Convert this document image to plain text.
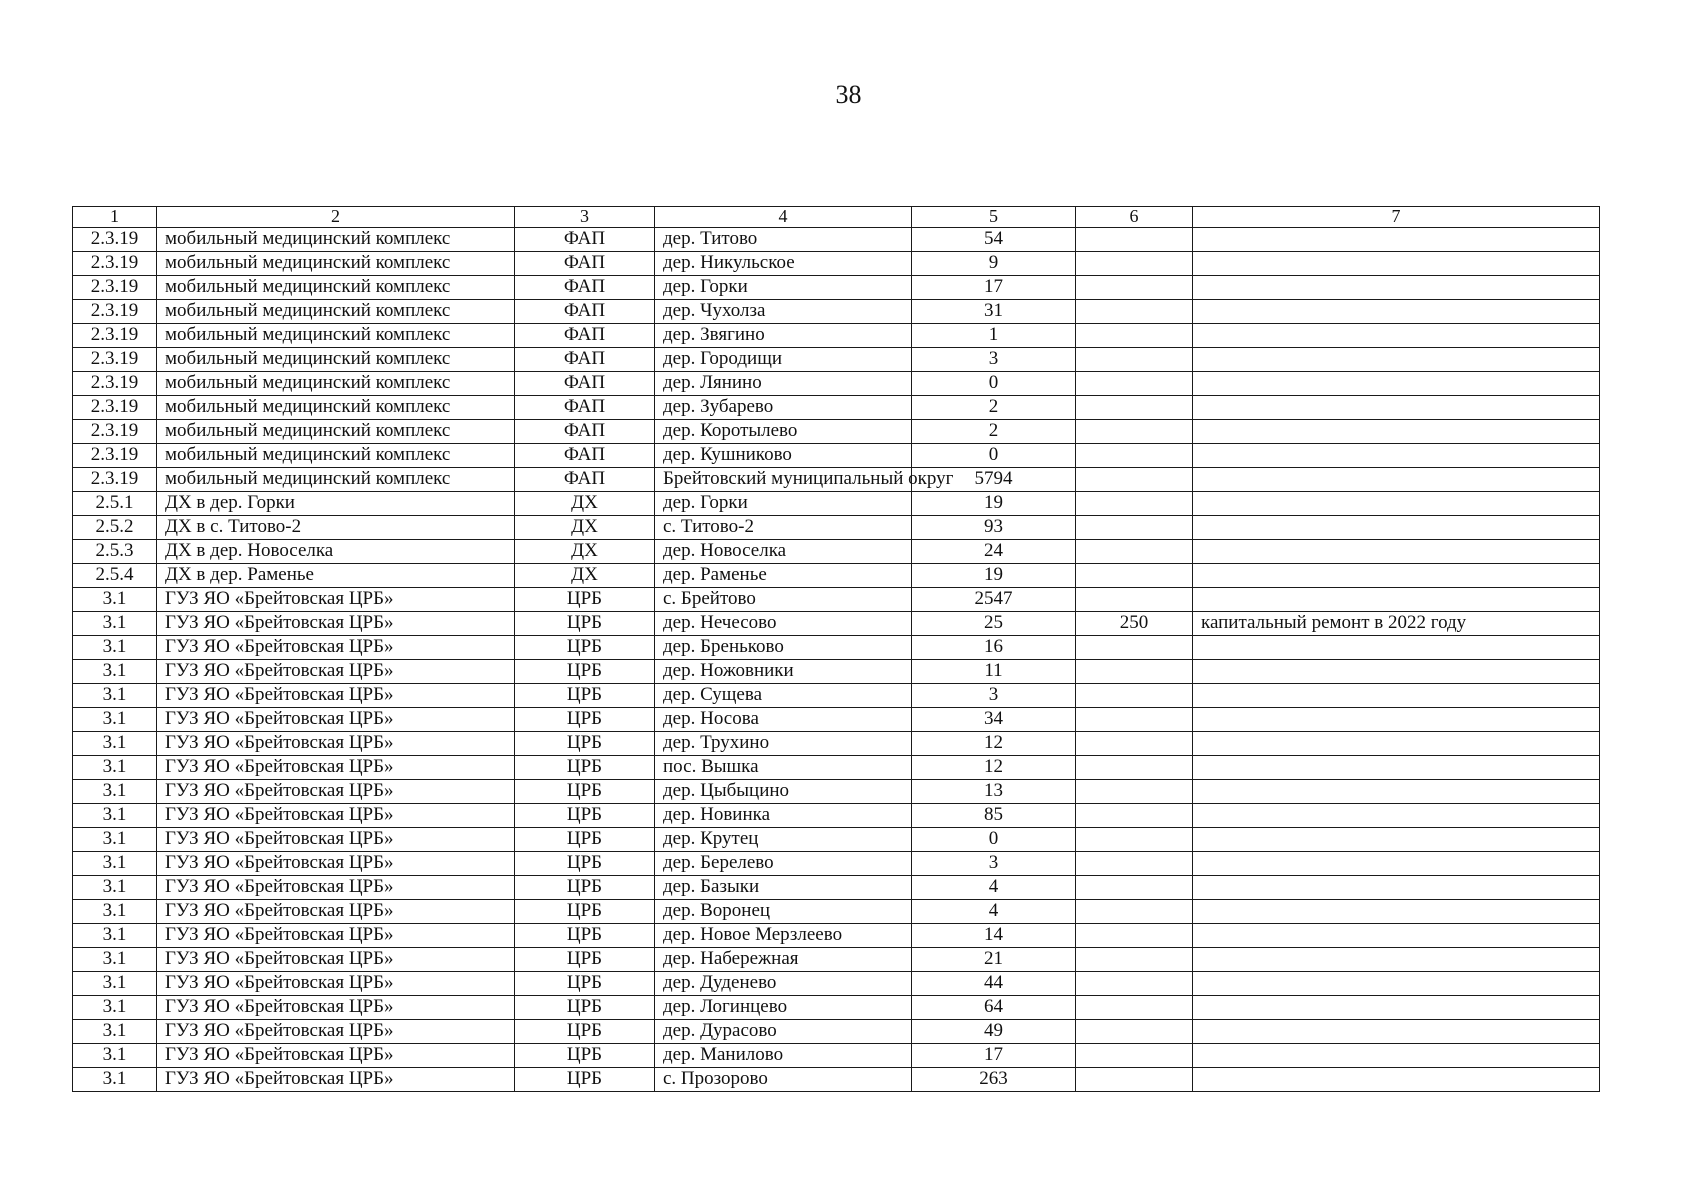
38
1	2	3	4	5	6	7
2.3.19	мобильный медицинский комплекс	ФАП	дер. Титово	54		
2.3.19	мобильный медицинский комплекс	ФАП	дер. Никульское	9		
2.3.19	мобильный медицинский комплекс	ФАП	дер. Горки	17		
2.3.19	мобильный медицинский комплекс	ФАП	дер. Чухолза	31		
2.3.19	мобильный медицинский комплекс	ФАП	дер. Звягино	1		
2.3.19	мобильный медицинский комплекс	ФАП	дер. Городищи	3		
2.3.19	мобильный медицинский комплекс	ФАП	дер. Лянино	0		
2.3.19	мобильный медицинский комплекс	ФАП	дер. Зубарево	2		
2.3.19	мобильный медицинский комплекс	ФАП	дер. Коротылево	2		
2.3.19	мобильный медицинский комплекс	ФАП	дер. Кушниково	0		
2.3.19	мобильный медицинский комплекс	ФАП	Брейтовский муниципальный округ	5794		
2.5.1	ДХ в дер. Горки	ДХ	дер. Горки	19		
2.5.2	ДХ в с. Титово-2	ДХ	с. Титово-2	93		
2.5.3	ДХ в дер. Новоселка	ДХ	дер. Новоселка	24		
2.5.4	ДХ в дер. Раменье	ДХ	дер. Раменье	19		
3.1	ГУЗ ЯО «Брейтовская ЦРБ»	ЦРБ	с. Брейтово	2547		
3.1	ГУЗ ЯО «Брейтовская ЦРБ»	ЦРБ	дер. Нечесово	25	250	капитальный ремонт в 2022 году
3.1	ГУЗ ЯО «Брейтовская ЦРБ»	ЦРБ	дер. Бреньково	16		
3.1	ГУЗ ЯО «Брейтовская ЦРБ»	ЦРБ	дер. Ножовники	11		
3.1	ГУЗ ЯО «Брейтовская ЦРБ»	ЦРБ	дер. Сущева	3		
3.1	ГУЗ ЯО «Брейтовская ЦРБ»	ЦРБ	дер. Носова	34		
3.1	ГУЗ ЯО «Брейтовская ЦРБ»	ЦРБ	дер. Трухино	12		
3.1	ГУЗ ЯО «Брейтовская ЦРБ»	ЦРБ	пос. Вышка	12		
3.1	ГУЗ ЯО «Брейтовская ЦРБ»	ЦРБ	дер. Цыбыцино	13		
3.1	ГУЗ ЯО «Брейтовская ЦРБ»	ЦРБ	дер. Новинка	85		
3.1	ГУЗ ЯО «Брейтовская ЦРБ»	ЦРБ	дер. Крутец	0		
3.1	ГУЗ ЯО «Брейтовская ЦРБ»	ЦРБ	дер. Берелево	3		
3.1	ГУЗ ЯО «Брейтовская ЦРБ»	ЦРБ	дер. Базыки	4		
3.1	ГУЗ ЯО «Брейтовская ЦРБ»	ЦРБ	дер. Воронец	4		
3.1	ГУЗ ЯО «Брейтовская ЦРБ»	ЦРБ	дер. Новое Мерзлеево	14		
3.1	ГУЗ ЯО «Брейтовская ЦРБ»	ЦРБ	дер. Набережная	21		
3.1	ГУЗ ЯО «Брейтовская ЦРБ»	ЦРБ	дер. Дуденево	44		
3.1	ГУЗ ЯО «Брейтовская ЦРБ»	ЦРБ	дер. Логинцево	64		
3.1	ГУЗ ЯО «Брейтовская ЦРБ»	ЦРБ	дер. Дурасово	49		
3.1	ГУЗ ЯО «Брейтовская ЦРБ»	ЦРБ	дер. Манилово	17		
3.1	ГУЗ ЯО «Брейтовская ЦРБ»	ЦРБ	с. Прозорово	263		
